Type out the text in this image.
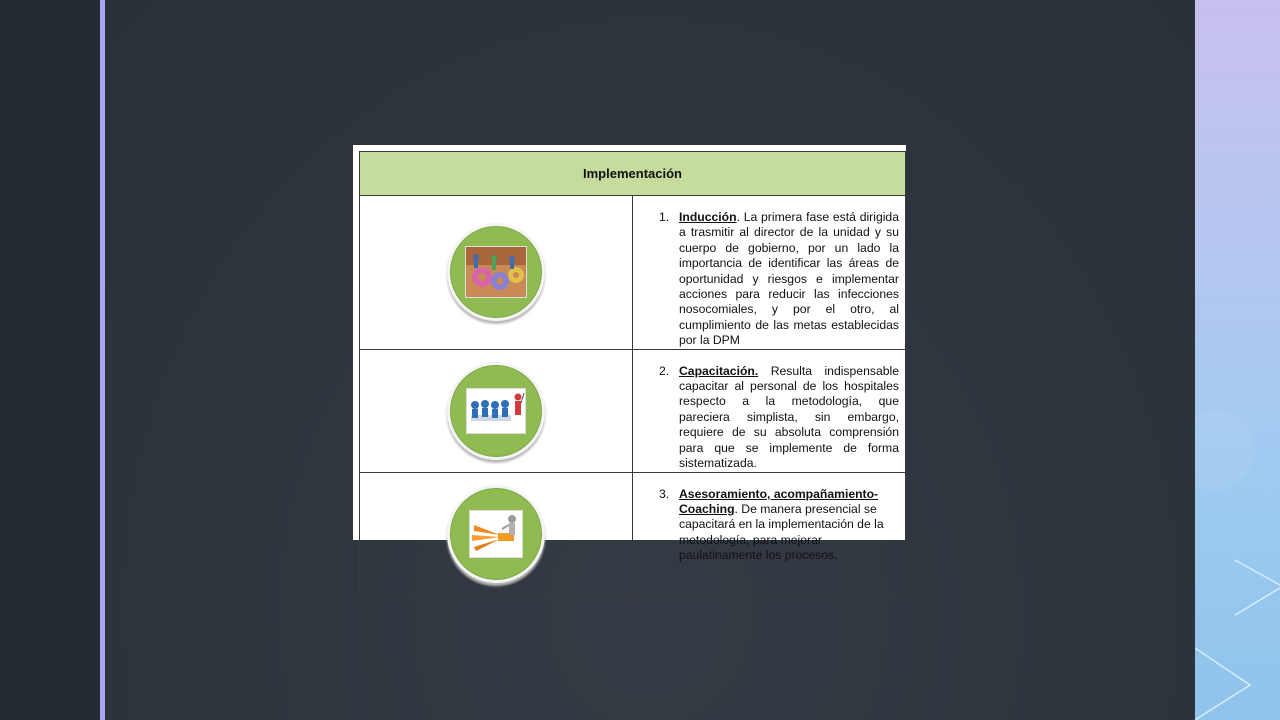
Implementación	

1. Inducción. La primera fase está dirigida a trasmitir al director de la unidad y su cuerpo de gobierno, por un lado la importancia de identificar las áreas de oportunidad y riesgos e implementar acciones para reducir las infecciones nosocomiales, y por el otro, al cumplimiento de las metas establecidas por la DPM

2. Capacitación. Resulta indispensable capacitar al personal de los hospitales respecto a la metodología, que pareciera simplista, sin embargo, requiere de su absoluta comprensión para que se implemente de forma sistematizada.

3. Asesoramiento, acompañamiento- Coaching. De manera presencial se capacitará en la implementación de la metodología, para mejorar paulatinamente los procesos.
